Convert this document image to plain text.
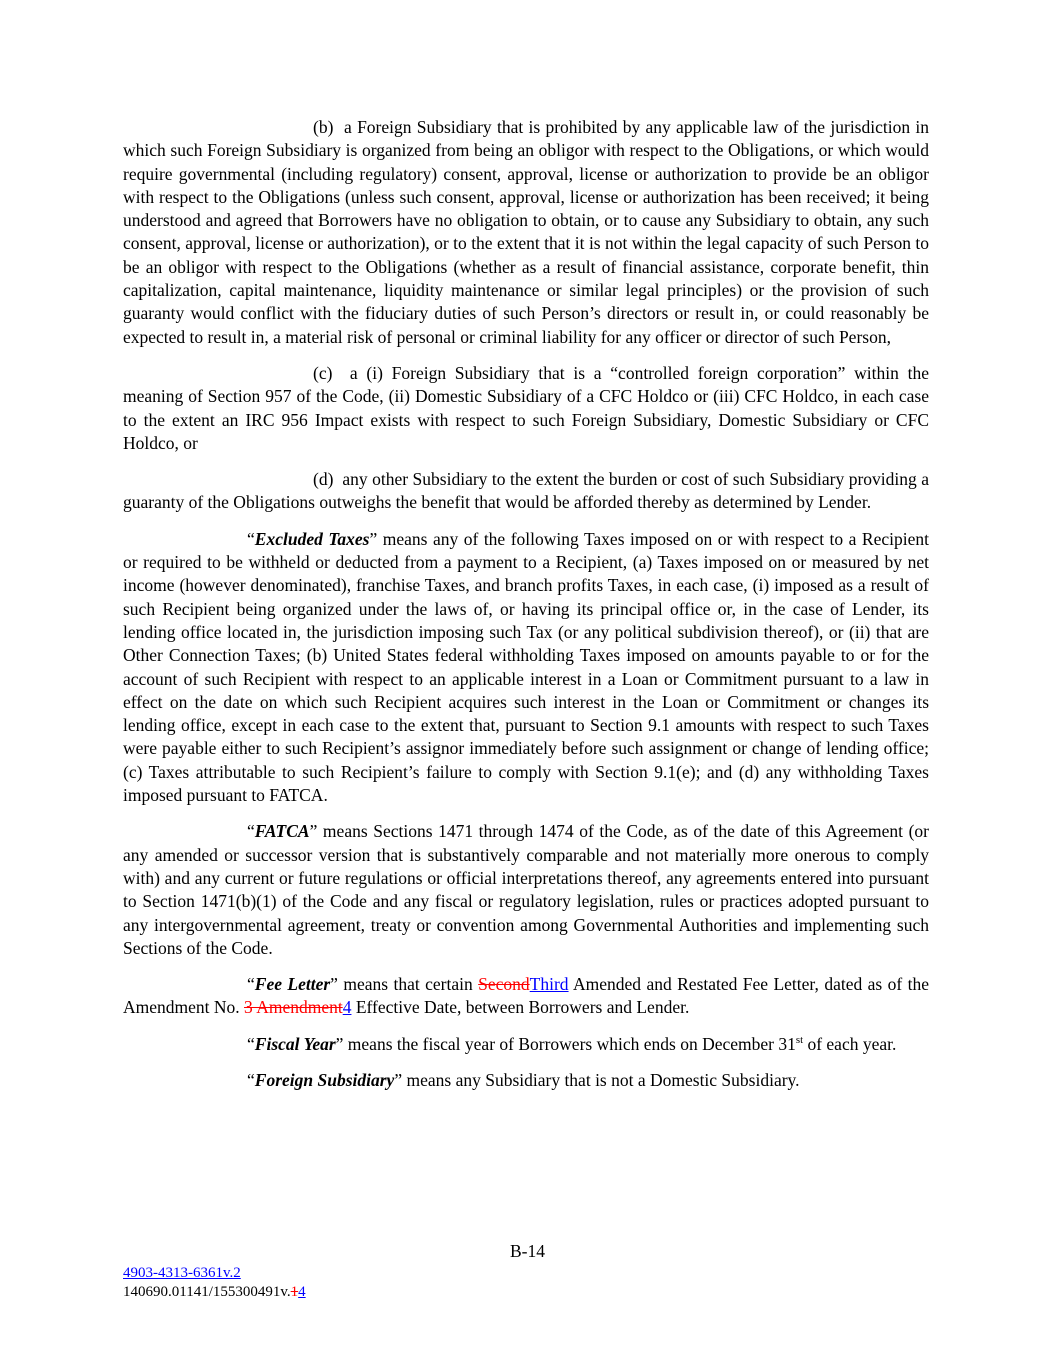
(b)  a Foreign Subsidiary that is prohibited by any applicable law of the jurisdiction in which such Foreign Subsidiary is organized from being an obligor with respect to the Obligations, or which would require governmental (including regulatory) consent, approval, license or authorization to provide be an obligor with respect to the Obligations (unless such consent, approval, license or authorization has been received; it being understood and agreed that Borrowers have no obligation to obtain, or to cause any Subsidiary to obtain, any such consent, approval, license or authorization), or to the extent that it is not within the legal capacity of such Person to be an obligor with respect to the Obligations (whether as a result of financial assistance, corporate benefit, thin capitalization, capital maintenance, liquidity maintenance or similar legal principles) or the provision of such guaranty would conflict with the fiduciary duties of such Person’s directors or result in, or could reasonably be expected to result in, a material risk of personal or criminal liability for any officer or director of such Person,

(c)  a (i) Foreign Subsidiary that is a “controlled foreign corporation” within the meaning of Section 957 of the Code, (ii) Domestic Subsidiary of a CFC Holdco or (iii) CFC Holdco, in each case to the extent an IRC 956 Impact exists with respect to such Foreign Subsidiary, Domestic Subsidiary or CFC Holdco, or

(d)  any other Subsidiary to the extent the burden or cost of such Subsidiary providing a guaranty of the Obligations outweighs the benefit that would be afforded thereby as determined by Lender.

“Excluded Taxes” means any of the following Taxes imposed on or with respect to a Recipient or required to be withheld or deducted from a payment to a Recipient, (a) Taxes imposed on or measured by net income (however denominated), franchise Taxes, and branch profits Taxes, in each case, (i) imposed as a result of such Recipient being organized under the laws of, or having its principal office or, in the case of Lender, its lending office located in, the jurisdiction imposing such Tax (or any political subdivision thereof), or (ii) that are Other Connection Taxes; (b) United States federal withholding Taxes imposed on amounts payable to or for the account of such Recipient with respect to an applicable interest in a Loan or Commitment pursuant to a law in effect on the date on which such Recipient acquires such interest in the Loan or Commitment or changes its lending office, except in each case to the extent that, pursuant to Section 9.1 amounts with respect to such Taxes were payable either to such Recipient’s assignor immediately before such assignment or change of lending office; (c) Taxes attributable to such Recipient’s failure to comply with Section 9.1(e); and (d) any withholding Taxes imposed pursuant to FATCA.

“FATCA” means Sections 1471 through 1474 of the Code, as of the date of this Agreement (or any amended or successor version that is substantively comparable and not materially more onerous to comply with) and any current or future regulations or official interpretations thereof, any agreements entered into pursuant to Section 1471(b)(1) of the Code and any fiscal or regulatory legislation, rules or practices adopted pursuant to any intergovernmental agreement, treaty or convention among Governmental Authorities and implementing such Sections of the Code.

“Fee Letter” means that certain SecondThird Amended and Restated Fee Letter, dated as of the Amendment No. 3 Amendment4 Effective Date, between Borrowers and Lender.

“Fiscal Year” means the fiscal year of Borrowers which ends on December 31st of each year.

“Foreign Subsidiary” means any Subsidiary that is not a Domestic Subsidiary.

B-14
4903-4313-6361v.2
140690.01141/155300491v.14
